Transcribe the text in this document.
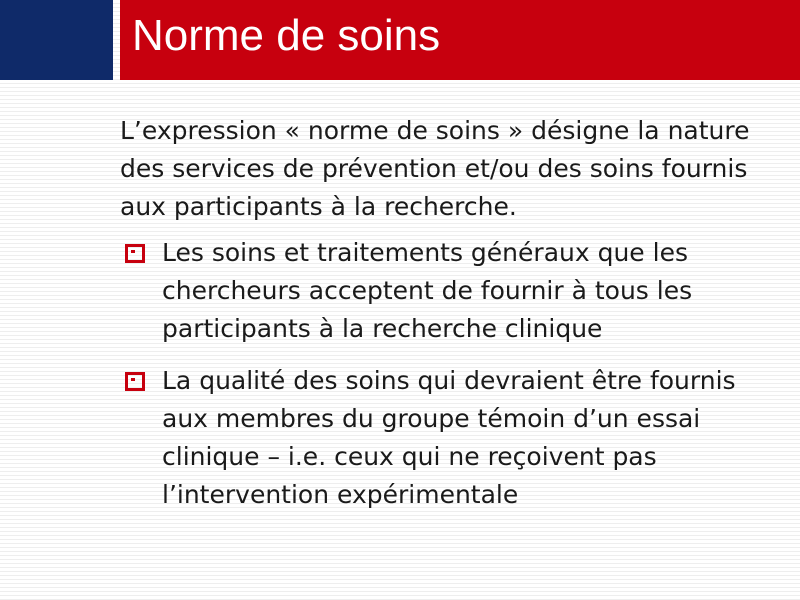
Norme de soins

L’expression « norme de soins » désigne la nature des services de prévention et/ou des soins fournis aux participants à la recherche.

Les soins et traitements généraux que les chercheurs acceptent de fournir à tous les participants à la recherche clinique
La qualité des soins qui devraient être fournis aux membres du groupe témoin d’un essai clinique – i.e. ceux qui ne reçoivent pas l’intervention expérimentale
